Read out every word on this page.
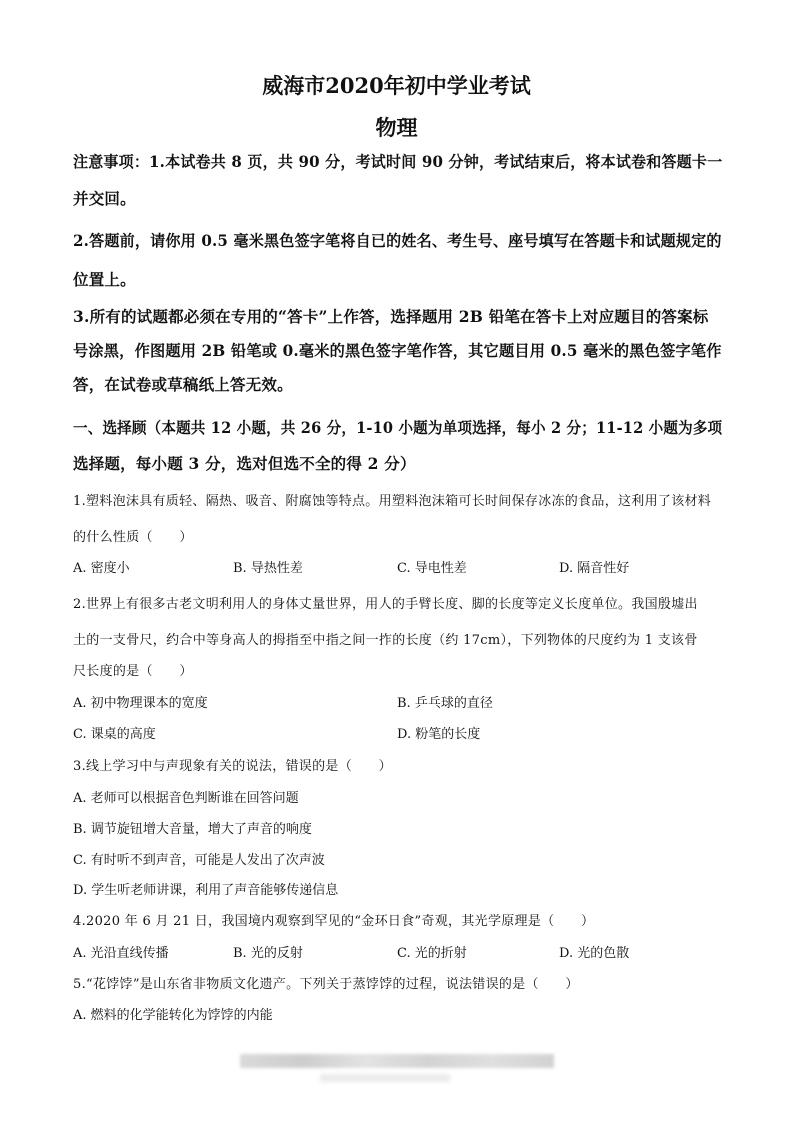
威海市2020年初中学业考试
物理
注意事项：1.本试卷共 8 页，共 90 分，考试时间 90 分钟，考试结束后，将本试卷和答题卡一
并交回。
2.答题前，请你用 0.5 毫米黑色签字笔将自已的姓名、考生号、座号填写在答题卡和试题规定的
位置上。
3.所有的试题都必须在专用的“答卡”上作答，选择题用 2B 铅笔在答卡上对应题目的答案标
号涂黑，作图题用 2B 铅笔或 0.毫米的黑色签字笔作答，其它题目用 0.5 毫米的黑色签字笔作
答，在试卷或草稿纸上答无效。
一、选择顾（本题共 12 小题，共 26 分，1-10 小题为单项选择，每小 2 分；11-12 小题为多项
选择题，每小题 3 分，选对但选不全的得 2 分）
1.塑料泡沫具有质轻、隔热、吸音、附腐蚀等特点。用塑料泡沫箱可长时间保存冰冻的食品，这利用了该材料
的什么性质（　　）
A. 密度小	B. 导热性差	C. 导电性差	D. 隔音性好
2.世界上有很多古老文明利用人的身体丈量世界，用人的手臂长度、脚的长度等定义长度单位。我国殷墟出
土的一支骨尺，约合中等身高人的拇指至中指之间一拃的长度（约 17cm），下列物体的尺度约为 1 支该骨
尺长度的是（　　）
A. 初中物理课本的宽度	B. 乒乓球的直径
C. 课桌的高度	D. 粉笔的长度
3.线上学习中与声现象有关的说法，错误的是（　　）
A. 老师可以根据音色判断谁在回答问题
B. 调节旋钮增大音量，增大了声音的响度
C. 有时听不到声音，可能是人发出了次声波
D. 学生听老师讲课，利用了声音能够传递信息
4.2020 年 6 月 21 日，我国境内观察到罕见的“金环日食”奇观，其光学原理是（　　）
A. 光沿直线传播	B. 光的反射	C. 光的折射	D. 光的色散
5.“花饽饽”是山东省非物质文化遗产。下列关于蒸饽饽的过程，说法错误的是（　　）
A. 燃料的化学能转化为饽饽的内能
